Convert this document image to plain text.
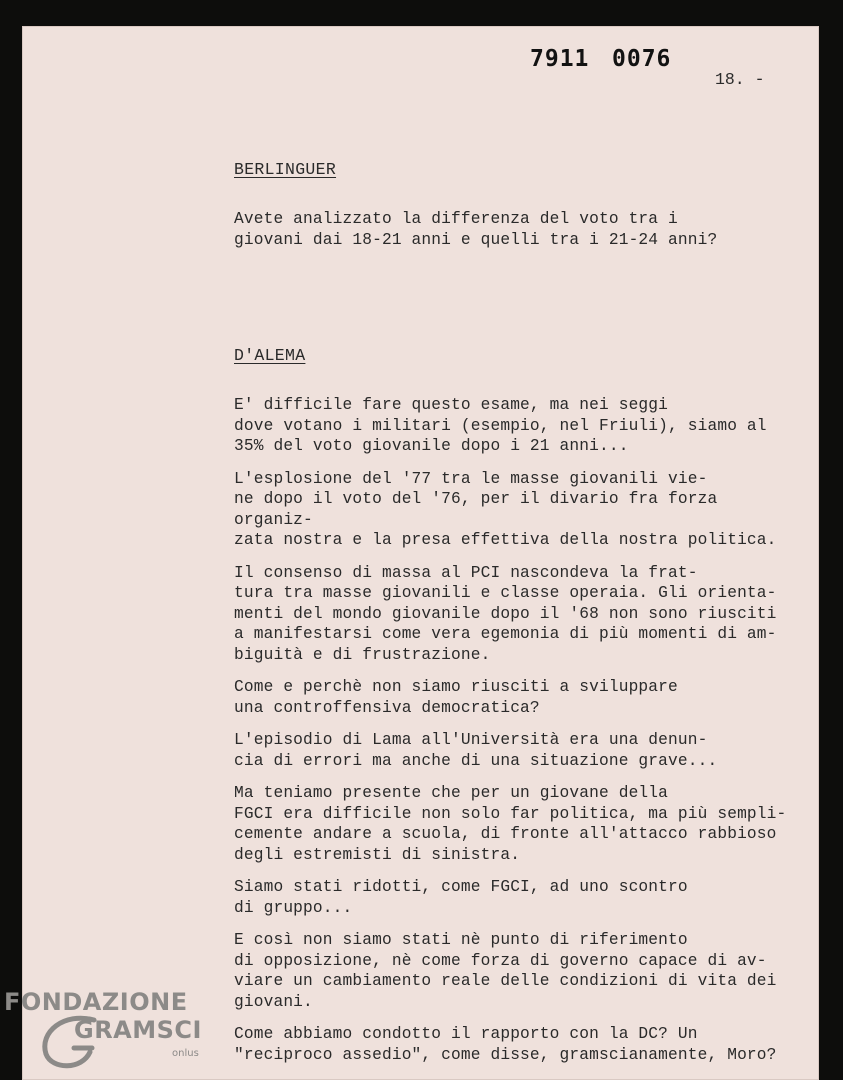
7911 0076
18. -
BERLINGUER

Avete analizzato la differenza del voto tra i
giovani dai 18-21 anni e quelli tra i 21-24 anni?

D'ALEMA

E' difficile fare questo esame, ma nei seggi
dove votano i militari (esempio, nel Friuli), siamo al
35% del voto giovanile dopo i 21 anni...

L'esplosione del '77 tra le masse giovanili vie-
ne dopo il voto del '76, per il divario fra forza organiz-
zata nostra e la presa effettiva della nostra politica.

Il consenso di massa al PCI nascondeva la frat-
tura tra masse giovanili e classe operaia. Gli orienta-
menti del mondo giovanile dopo il '68 non sono riusciti
a manifestarsi come vera egemonia di più momenti di am-
biguità e di frustrazione.

Come e perchè non siamo riusciti a sviluppare
una controffensiva democratica?

L'episodio di Lama all'Università era una denun-
cia di errori ma anche di una situazione grave...

Ma teniamo presente che per un giovane della
FGCI era difficile non solo far politica, ma più sempli-
cemente andare a scuola, di fronte all'attacco rabbioso
degli estremisti di sinistra.

Siamo stati ridotti, come FGCI, ad uno scontro
di gruppo...

E così non siamo stati nè punto di riferimento
di opposizione, nè come forza di governo capace di av-
viare un cambiamento reale delle condizioni di vita dei
giovani.

Come abbiamo condotto il rapporto con la DC? Un
"reciproco assedio", come disse, gramscianamente, Moro?

FONDAZIONE
GRAMSCI
onlus
